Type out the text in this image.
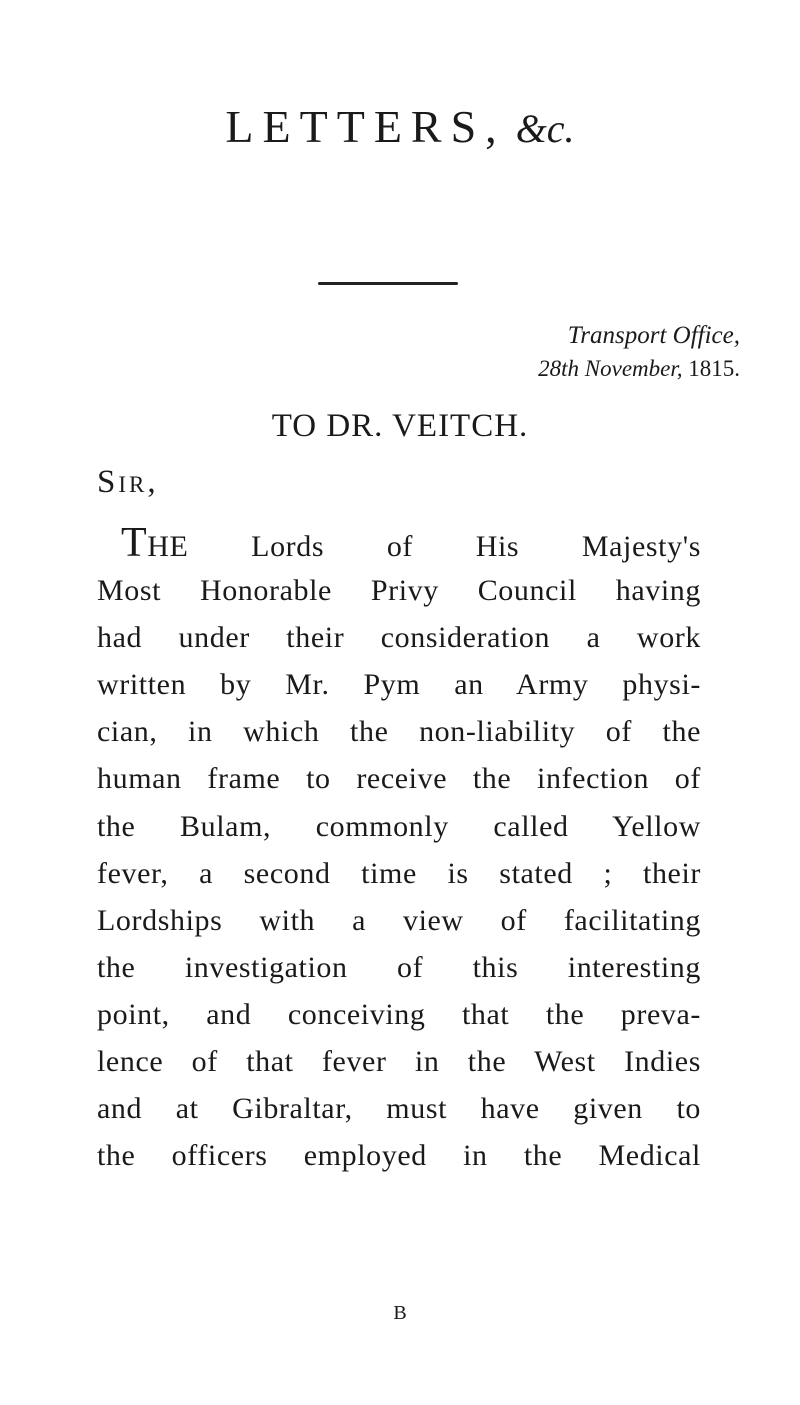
LETTERS, &c.
Transport Office,
28th November, 1815.
TO DR. VEITCH.
Sir,
THE Lords of His Majesty's
Most Honorable Privy Council having
had under their consideration a work
written by Mr. Pym an Army physi-
cian, in which the non-liability of the
human frame to receive the infection of
the Bulam, commonly called Yellow
fever, a second time is stated ; their
Lordships with a view of facilitating
the investigation of this interesting
point, and conceiving that the preva-
lence of that fever in the West Indies
and at Gibraltar, must have given to
the officers employed in the Medical
B
